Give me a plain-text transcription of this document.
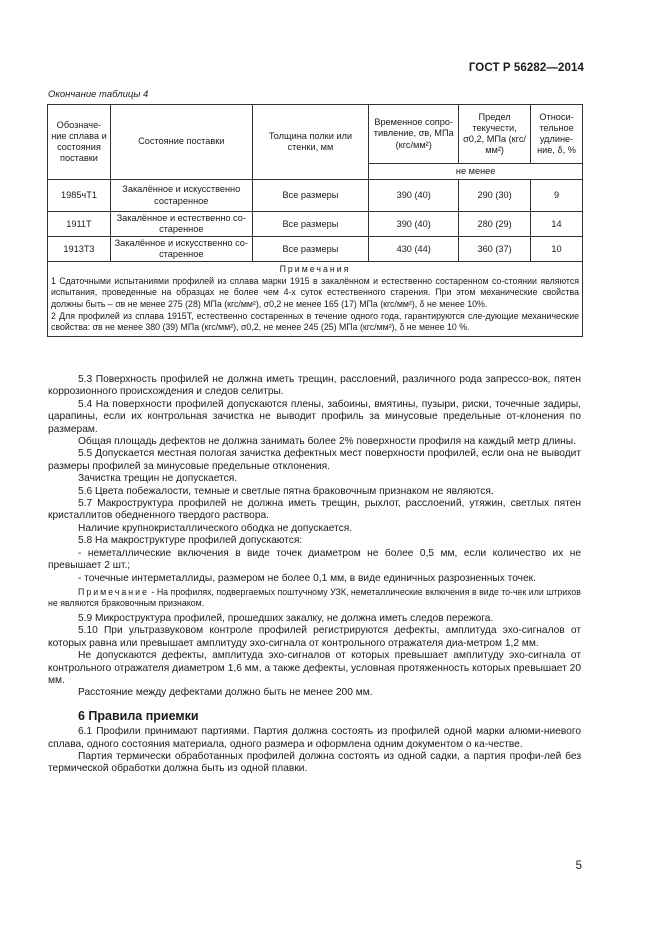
ГОСТ Р 56282—2014
Окончание таблицы 4
Обозначе-ние сплава и состояния поставки	Состояние поставки	Толщина полки или стенки, мм	Временное сопро-тивление, σв, МПа (кгс/мм²)	Предел текучести, σ0,2, МПа (кгс/мм²)	Относи-тельное удлине-ние, δ, %
			не менее		
1985чТ1	Закалённое и искусственно состаренное	Все размеры	390 (40)	290 (30)	9
1911Т	Закалённое и естественно со-старенное	Все размеры	390 (40)	280 (29)	14
1913Т3	Закалённое и искусственно со-старенное	Все размеры	430 (44)	360 (37)	10

Примечания
1 Сдаточными испытаниями профилей из сплава марки 1915 в закалённом и естественно состаренном со-стоянии являются испытания, проведенные на образцах не более чем 4-х суток естественного старения. При этом механические свойства должны быть – σв не менее 275 (28) МПа (кгс/мм²), σ0,2 не менее 165 (17) МПа (кгс/мм²), δ не менее 10%.
2 Для профилей из сплава 1915Т, естественно состаренных в течение одного года, гарантируются сле-дующие механические свойства: σв не менее 380 (39) МПа (кгс/мм²), σ0,2, не менее 245 (25) МПа (кгс/мм²), δ не менее 10 %.					

5.3 Поверхность профилей не должна иметь трещин, расслоений, различного рода запрессо-вок, пятен коррозионного происхождения и следов селитры.

5.4 На поверхности профилей допускаются плены, забоины, вмятины, пузыри, риски, точечные задиры, царапины, если их контрольная зачистка не выводит профиль за минусовые предельные от-клонения по размерам.

Общая площадь дефектов не должна занимать более 2% поверхности профиля на каждый метр длины.

5.5 Допускается местная пологая зачистка дефектных мест поверхности профилей, если она не выводит размеры профилей за минусовые предельные отклонения.

Зачистка трещин не допускается.

5.6 Цвета побежалости, темные и светлые пятна браковочным признаком не являются.

5.7 Макроструктура профилей не должна иметь трещин, рыхлот, расслоений, утяжин, светлых пятен кристаллитов обедненного твердого раствора.

Наличие крупнокристаллического ободка не допускается.

5.8 На макроструктуре профилей допускаются:

- неметаллические включения в виде точек диаметром не более 0,5 мм, если количество их не превышает 2 шт.;

- точечные интерметаллиды, размером не более 0,1 мм, в виде единичных разрозненных точек.

Примечание - На профилях, подвергаемых поштучному УЗК, неметаллические включения в виде то-чек или штрихов не являются браковочным признаком.

5.9 Микроструктура профилей, прошедших закалку, не должна иметь следов пережога.

5.10 При ультразвуковом контроле профилей регистрируются дефекты, амплитуда эхо-сигналов от которых равна или превышает амплитуду эхо-сигнала от контрольного отражателя диа-метром 1,2 мм.

Не допускаются дефекты, амплитуда эхо-сигналов от которых превышает амплитуду эхо-сигнала от контрольного отражателя диаметром 1,6 мм, а также дефекты, условная протяженность которых превышает 20 мм.

Расстояние между дефектами должно быть не менее 200 мм.

6 Правила приемки

6.1 Профили принимают партиями. Партия должна состоять из профилей одной марки алюми-ниевого сплава, одного состояния материала, одного размера и оформлена одним документом о ка-честве.

Партия термически обработанных профилей должна состоять из одной садки, а партия профи-лей без термической обработки должна быть из одной плавки.

5
